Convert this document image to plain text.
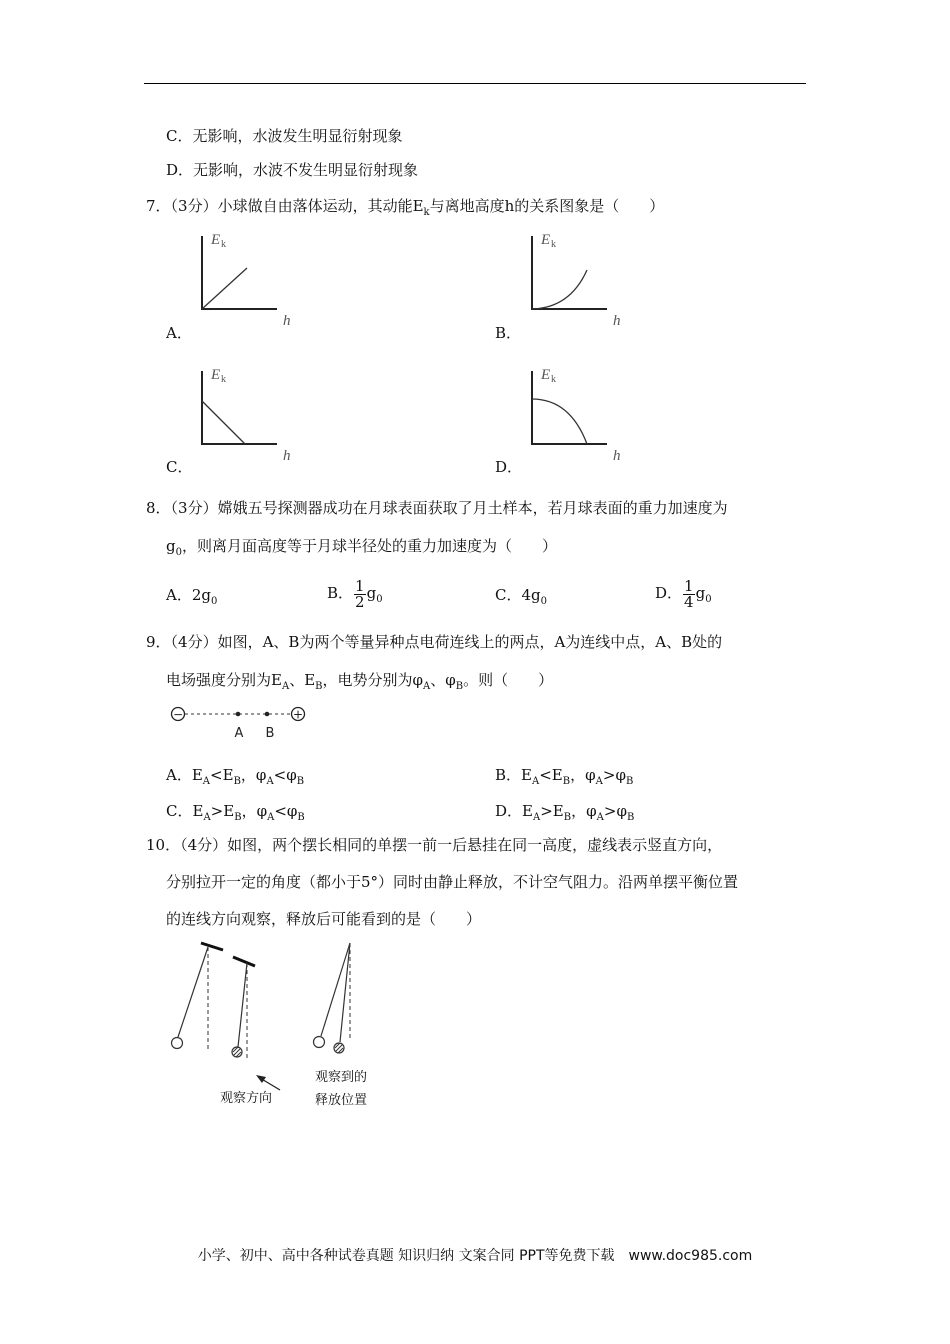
C．无影响，水波发生明显衍射现象
D．无影响，水波不发生明显衍射现象
7．（3分）小球做自由落体运动，其动能$E_k$与离地高度h的关系图象是（　　）
E k
h
A．
E k
h
B．
E k
h
C．
E k
h
D．
8．（3分）嫦娥五号探测器成功在月球表面获取了月土样本，若月球表面的重力加速度为
$g_0$，则离月面高度等于月球半径处的重力加速度为（　　）
A．$2g_0$	B． $\frac{1}{2} g_0$	C．$4g_0$	D． $\frac{1}{4} g_0$
9．（4分）如图，A、B为两个等量异种点电荷连线上的两点，A为连线中点，A、B处的
电场强度分别为$E_A$、$E_B$，电势分别为$\varphi_A$、$\varphi_B$。则（　　）
−	+
A B
A．$E_A<E_B$，$\varphi_A<\varphi_B$	B．$E_A<E_B$，$\varphi_A>\varphi_B$
C．$E_A>E_B$，$\varphi_A<\varphi_B$	D．$E_A>E_B$，$\varphi_A>\varphi_B$
10．（4分）如图，两个摆长相同的单摆一前一后悬挂在同一高度，虚线表示竖直方向，
分别拉开一定的角度（都小于5°）同时由静止释放，不计空气阻力。沿两单摆平衡位置
的连线方向观察，释放后可能看到的是（　　）
观察方向
观察到的
释放位置
小学、初中、高中各种试卷真题 知识归纳 文案合同 PPT等免费下载　www.doc985.com
